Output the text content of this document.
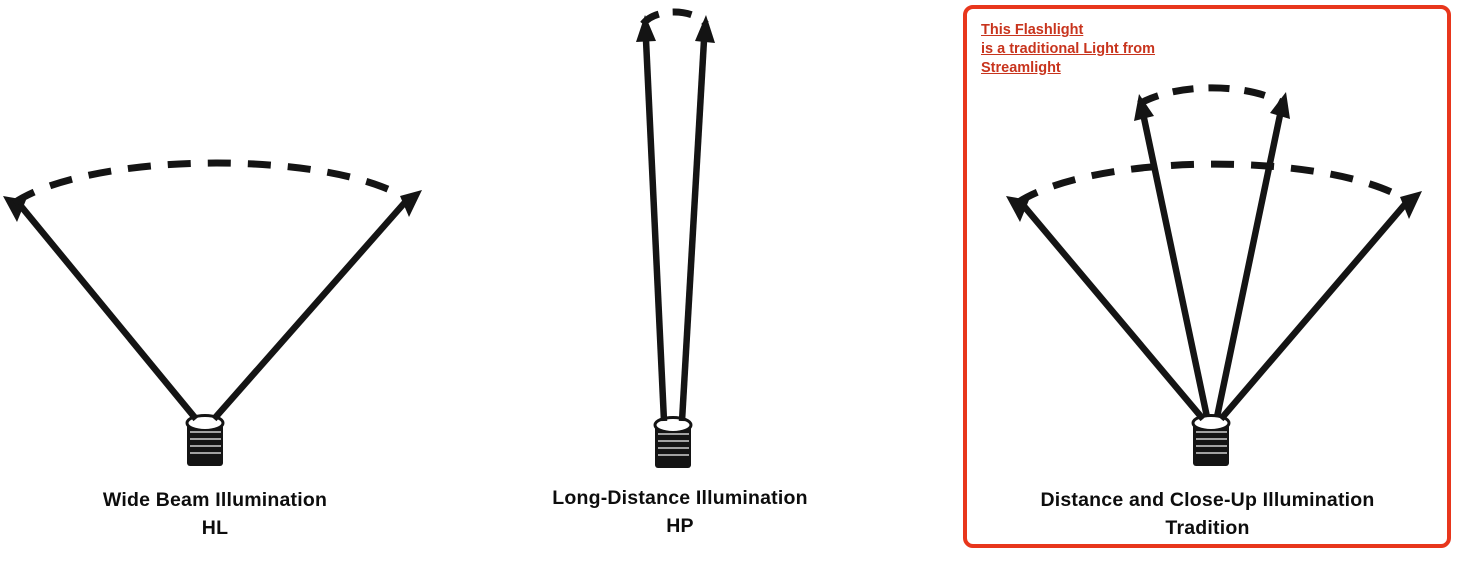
Wide Beam Illumination
HL
Long-Distance Illumination
HP
Distance and Close-Up Illumination
Tradition
This Flashlight
is a traditional Light from
Streamlight
